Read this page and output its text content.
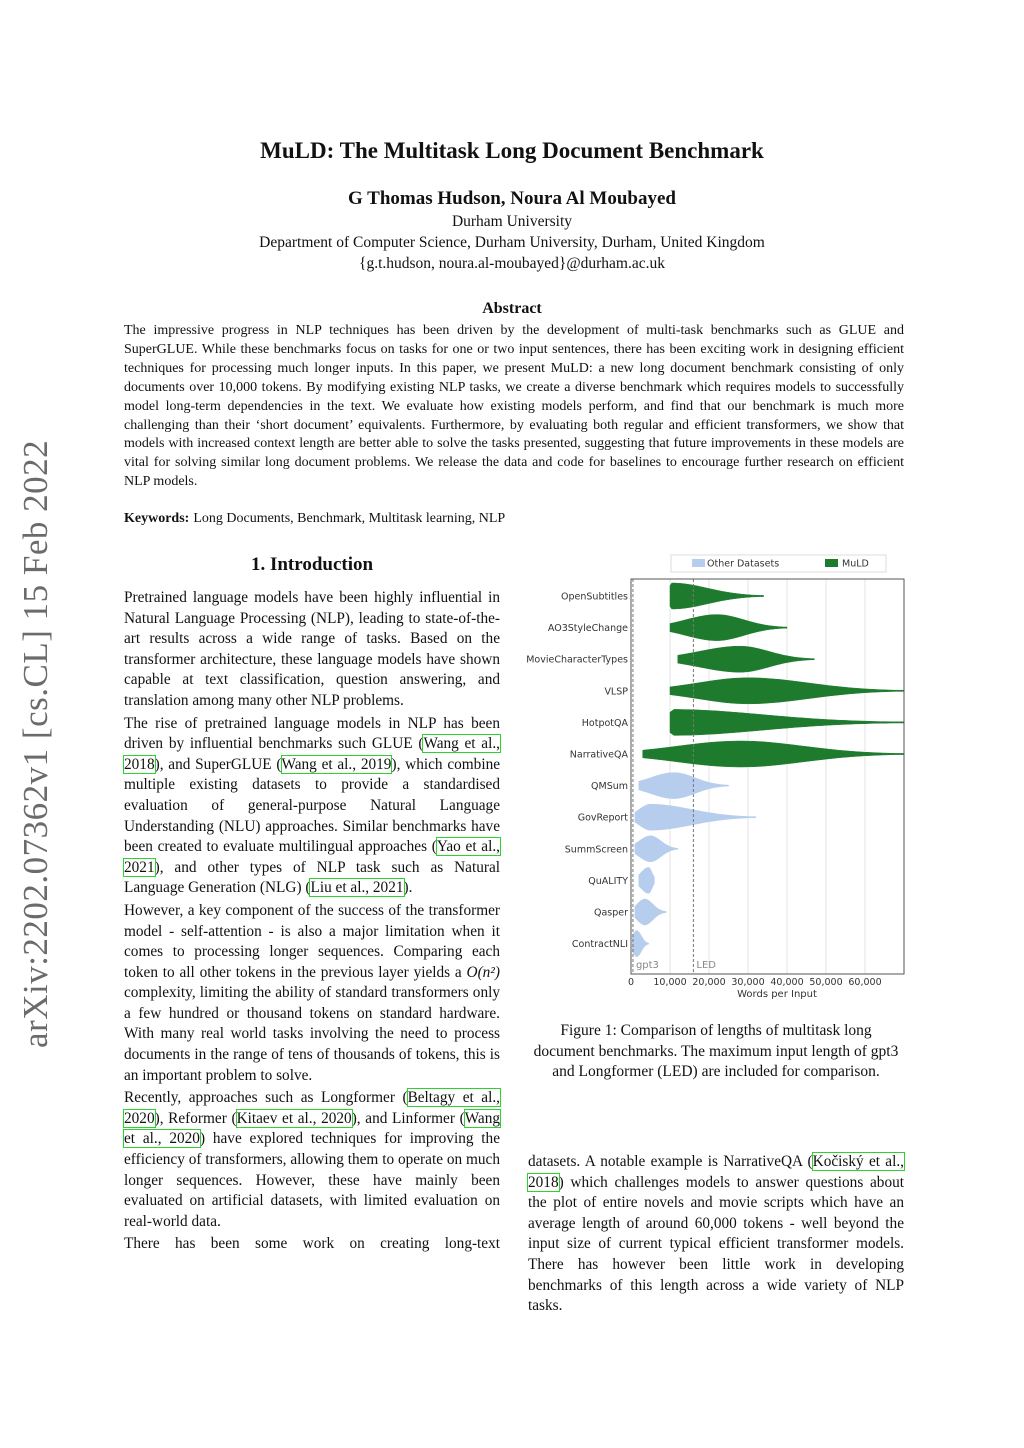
arXiv:2202.07362v1 [cs.CL] 15 Feb 2022
MuLD: The Multitask Long Document Benchmark
G Thomas Hudson, Noura Al Moubayed
Durham University
Department of Computer Science, Durham University, Durham, United Kingdom
{g.t.hudson, noura.al-moubayed}@durham.ac.uk
Abstract
The impressive progress in NLP techniques has been driven by the development of multi-task benchmarks such as GLUE and SuperGLUE. While these benchmarks focus on tasks for one or two input sentences, there has been exciting work in designing efficient techniques for processing much longer inputs. In this paper, we present MuLD: a new long document benchmark consisting of only documents over 10,000 tokens. By modifying existing NLP tasks, we create a diverse benchmark which requires models to successfully model long-term dependencies in the text. We evaluate how existing models perform, and find that our benchmark is much more challenging than their ‘short document’ equivalents. Furthermore, by evaluating both regular and efficient transformers, we show that models with increased context length are better able to solve the tasks presented, suggesting that future improvements in these models are vital for solving similar long document problems. We release the data and code for baselines to encourage further research on efficient NLP models.
Keywords: Long Documents, Benchmark, Multitask learning, NLP
1. Introduction

Pretrained language models have been highly influential in Natural Language Processing (NLP), leading to state-of-the-art results across a wide range of tasks. Based on the transformer architecture, these language models have shown capable at text classification, question answering, and translation among many other NLP problems.

The rise of pretrained language models in NLP has been driven by influential benchmarks such GLUE (Wang et al., 2018), and SuperGLUE (Wang et al., 2019), which combine multiple existing datasets to provide a standardised evaluation of general-purpose Natural Language Understanding (NLU) approaches. Similar benchmarks have been created to evaluate multilingual approaches (Yao et al., 2021), and other types of NLP task such as Natural Language Generation (NLG) (Liu et al., 2021).

However, a key component of the success of the transformer model - self-attention - is also a major limitation when it comes to processing longer sequences. Comparing each token to all other tokens in the previous layer yields a O(n²) complexity, limiting the ability of standard transformers only a few hundred or thousand tokens on standard hardware. With many real world tasks involving the need to process documents in the range of tens of thousands of tokens, this is an important problem to solve.

Recently, approaches such as Longformer (Beltagy et al., 2020), Reformer (Kitaev et al., 2020), and Linformer (Wang et al., 2020) have explored techniques for improving the efficiency of transformers, allowing them to operate on much longer sequences. However, these have mainly been evaluated on artificial datasets, with limited evaluation on real-world data.

There has been some work on creating long-text

Other Datasets	MuLD
gpt3	LED
OpenSubtitles
AO3StyleChange
MovieCharacterTypes
VLSP
HotpotQA
NarrativeQA
QMSum
GovReport
SummScreen
QuALITY
Qasper
ContractNLI
0 10,000 20,000 30,000 40,000 50,000 60,000
Words per Input
Figure 1: Comparison of lengths of multitask long document benchmarks. The maximum input length of gpt3 and Longformer (LED) are included for comparison.

datasets. A notable example is NarrativeQA (Kočiský et al., 2018) which challenges models to answer questions about the plot of entire novels and movie scripts which have an average length of around 60,000 tokens - well beyond the input size of current typical efficient transformer models. There has however been little work in developing benchmarks of this length across a wide variety of NLP tasks.
